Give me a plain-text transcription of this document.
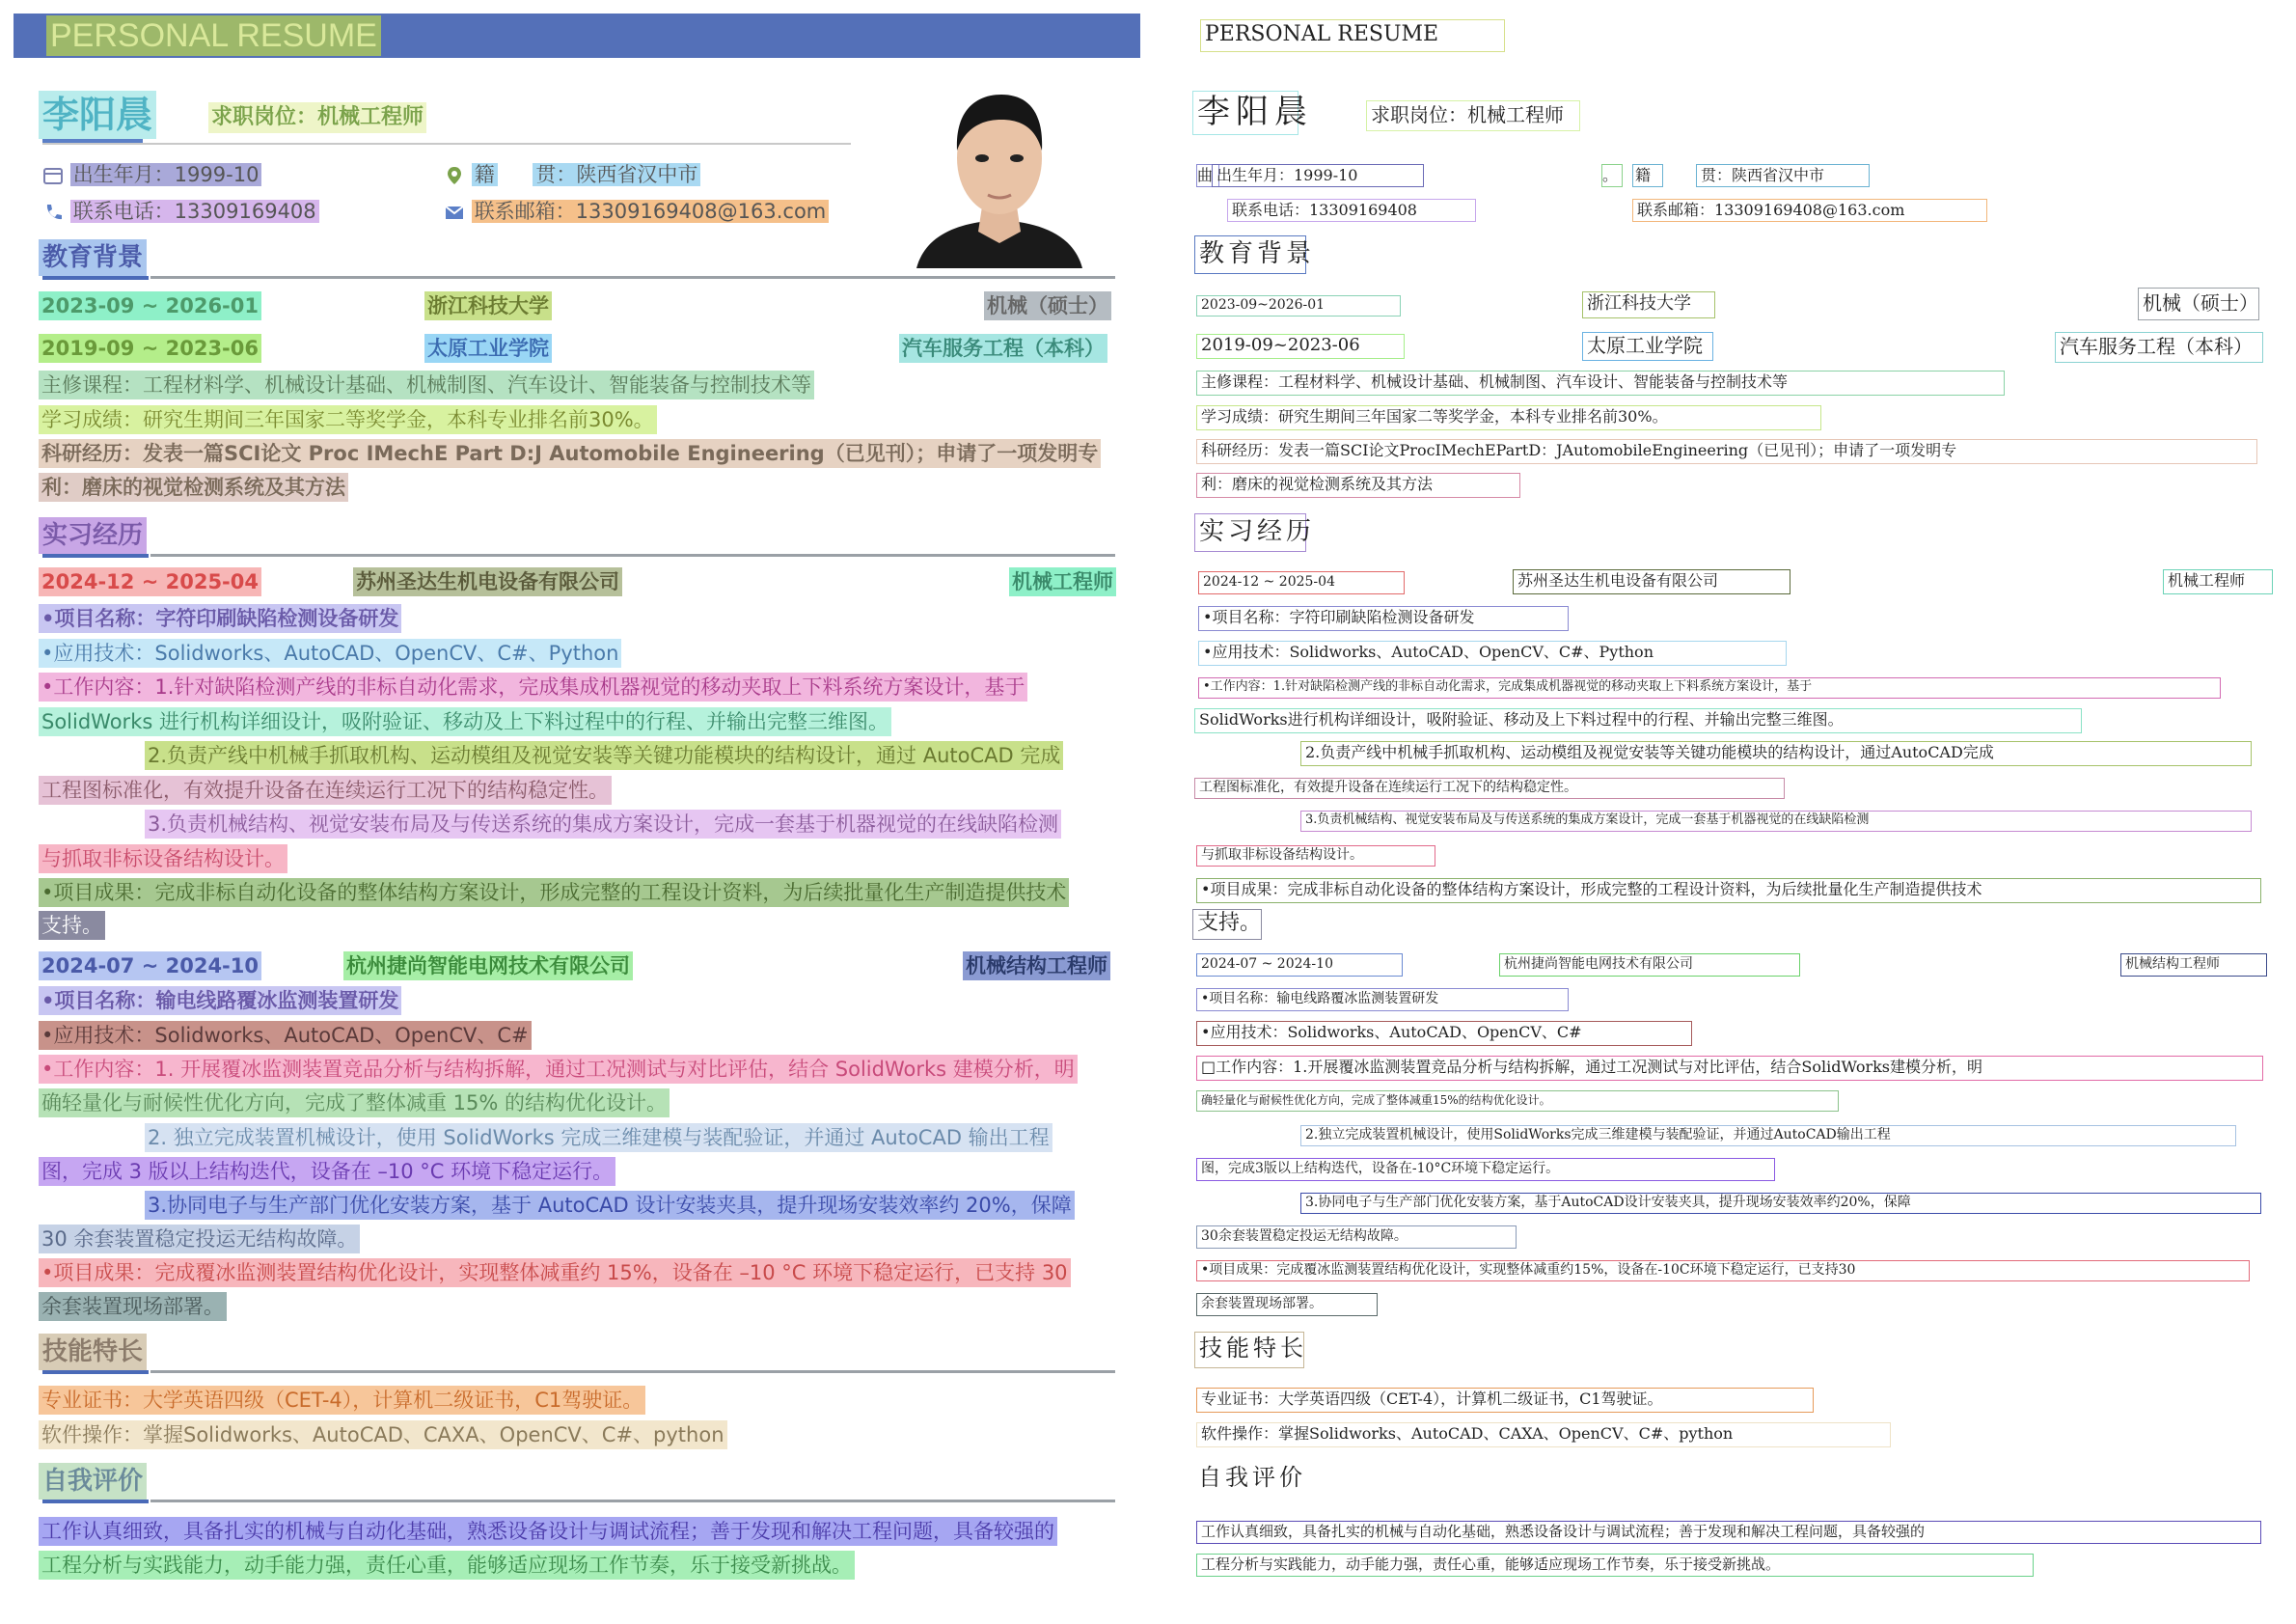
PERSONAL RESUME
李阳晨	求职岗位：机械工程师
出生年月：1999-10	籍 贯：陕西省汉中市
联系电话：13309169408	联系邮箱：13309169408@163.com
教育背景
2023-09 ~ 2026-01	浙江科技大学	机械（硕士）
2019-09 ~ 2023-06	太原工业学院	汽车服务工程（本科）
主修课程：工程材料学、机械设计基础、机械制图、汽车设计、智能装备与控制技术等
学习成绩：研究生期间三年国家二等奖学金，本科专业排名前30%。
科研经历：发表一篇SCI论文 Proc IMechE Part D:J Automobile Engineering（已见刊）；申请了一项发明专
利：磨床的视觉检测系统及其方法
实习经历
2024-12 ~ 2025-04	苏州圣达生机电设备有限公司	机械工程师
•项目名称：字符印刷缺陷检测设备研发
•应用技术：Solidworks、AutoCAD、OpenCV、C#、Python
•工作内容：1.针对缺陷检测产线的非标自动化需求，完成集成机器视觉的移动夹取上下料系统方案设计，基于
SolidWorks 进行机构详细设计，吸附验证、移动及上下料过程中的行程、并输出完整三维图。
2.负责产线中机械手抓取机构、运动模组及视觉安装等关键功能模块的结构设计，通过 AutoCAD 完成
工程图标准化，有效提升设备在连续运行工况下的结构稳定性。
3.负责机械结构、视觉安装布局及与传送系统的集成方案设计，完成一套基于机器视觉的在线缺陷检测
与抓取非标设备结构设计。
•项目成果：完成非标自动化设备的整体结构方案设计，形成完整的工程设计资料，为后续批量化生产制造提供技术
支持。
2024-07 ~ 2024-10	杭州捷尚智能电网技术有限公司	机械结构工程师
•项目名称：输电线路覆冰监测装置研发
•应用技术：Solidworks、AutoCAD、OpenCV、C#
•工作内容：1. 开展覆冰监测装置竞品分析与结构拆解，通过工况测试与对比评估，结合 SolidWorks 建模分析，明
确轻量化与耐候性优化方向，完成了整体减重 15% 的结构优化设计。
2. 独立完成装置机械设计，使用 SolidWorks 完成三维建模与装配验证，并通过 AutoCAD 输出工程
图，完成 3 版以上结构迭代，设备在 –10 °C 环境下稳定运行。
3.协同电子与生产部门优化安装方案，基于 AutoCAD 设计安装夹具，提升现场安装效率约 20%，保障
30 余套装置稳定投运无结构故障。
•项目成果：完成覆冰监测装置结构优化设计，实现整体减重约 15%，设备在 –10 °C 环境下稳定运行，已支持 30
余套装置现场部署。
技能特长
专业证书：大学英语四级（CET-4），计算机二级证书，C1驾驶证。
软件操作：掌握Solidworks、AutoCAD、CAXA、OpenCV、C#、python
自我评价
工作认真细致，具备扎实的机械与自动化基础，熟悉设备设计与调试流程；善于发现和解决工程问题，具备较强的
工程分析与实践能力，动手能力强，责任心重，能够适应现场工作节奏，乐于接受新挑战。
PERSONAL RESUME
李阳晨	求职岗位：机械工程师
曲 出生年月：1999-10	。	籍	贯：陕西省汉中市
联系电话：13309169408	联系邮箱：13309169408@163.com
教育背景
2023-09~2026-01	浙江科技大学	机械（硕士）
2019-09~2023-06	太原工业学院	汽车服务工程（本科）
主修课程：工程材料学、机械设计基础、机械制图、汽车设计、智能装备与控制技术等
学习成绩：研究生期间三年国家二等奖学金，本科专业排名前30%。
科研经历：发表一篇SCI论文ProcIMechEPartD：JAutomobileEngineering（已见刊）；申请了一项发明专
利：磨床的视觉检测系统及其方法
实习经历
2024-12 ~ 2025-04	苏州圣达生机电设备有限公司	机械工程师
•项目名称：字符印刷缺陷检测设备研发
•应用技术：Solidworks、AutoCAD、OpenCV、C#、Python
•工作内容：1.针对缺陷检测产线的非标自动化需求，完成集成机器视觉的移动夹取上下料系统方案设计，基于
SolidWorks进行机构详细设计，吸附验证、移动及上下料过程中的行程、并输出完整三维图。
2.负责产线中机械手抓取机构、运动模组及视觉安装等关键功能模块的结构设计，通过AutoCAD完成
工程图标准化，有效提升设备在连续运行工况下的结构稳定性。
3.负责机械结构、视觉安装布局及与传送系统的集成方案设计，完成一套基于机器视觉的在线缺陷检测
与抓取非标设备结构设计。
•项目成果：完成非标自动化设备的整体结构方案设计，形成完整的工程设计资料，为后续批量化生产制造提供技术
支持。
2024-07 ~ 2024-10	杭州捷尚智能电网技术有限公司	机械结构工程师
•项目名称：输电线路覆冰监测装置研发
•应用技术：Solidworks、AutoCAD、OpenCV、C#
□工作内容：1.开展覆冰监测装置竞品分析与结构拆解，通过工况测试与对比评估，结合SolidWorks建模分析，明
确轻量化与耐候性优化方向，完成了整体减重15%的结构优化设计。
2.独立完成装置机械设计，使用SolidWorks完成三维建模与装配验证，并通过AutoCAD输出工程
图，完成3版以上结构迭代，设备在-10°C环境下稳定运行。
3.协同电子与生产部门优化安装方案，基于AutoCAD设计安装夹具，提升现场安装效率约20%，保障
30余套装置稳定投运无结构故障。
•项目成果：完成覆冰监测装置结构优化设计，实现整体减重约15%，设备在-10C环境下稳定运行，已支持30
余套装置现场部署。
技能特长
专业证书：大学英语四级（CET-4），计算机二级证书，C1驾驶证。
软件操作：掌握Solidworks、AutoCAD、CAXA、OpenCV、C#、python
自我评价
工作认真细致，具备扎实的机械与自动化基础，熟悉设备设计与调试流程；善于发现和解决工程问题，具备较强的
工程分析与实践能力，动手能力强，责任心重，能够适应现场工作节奏，乐于接受新挑战。
